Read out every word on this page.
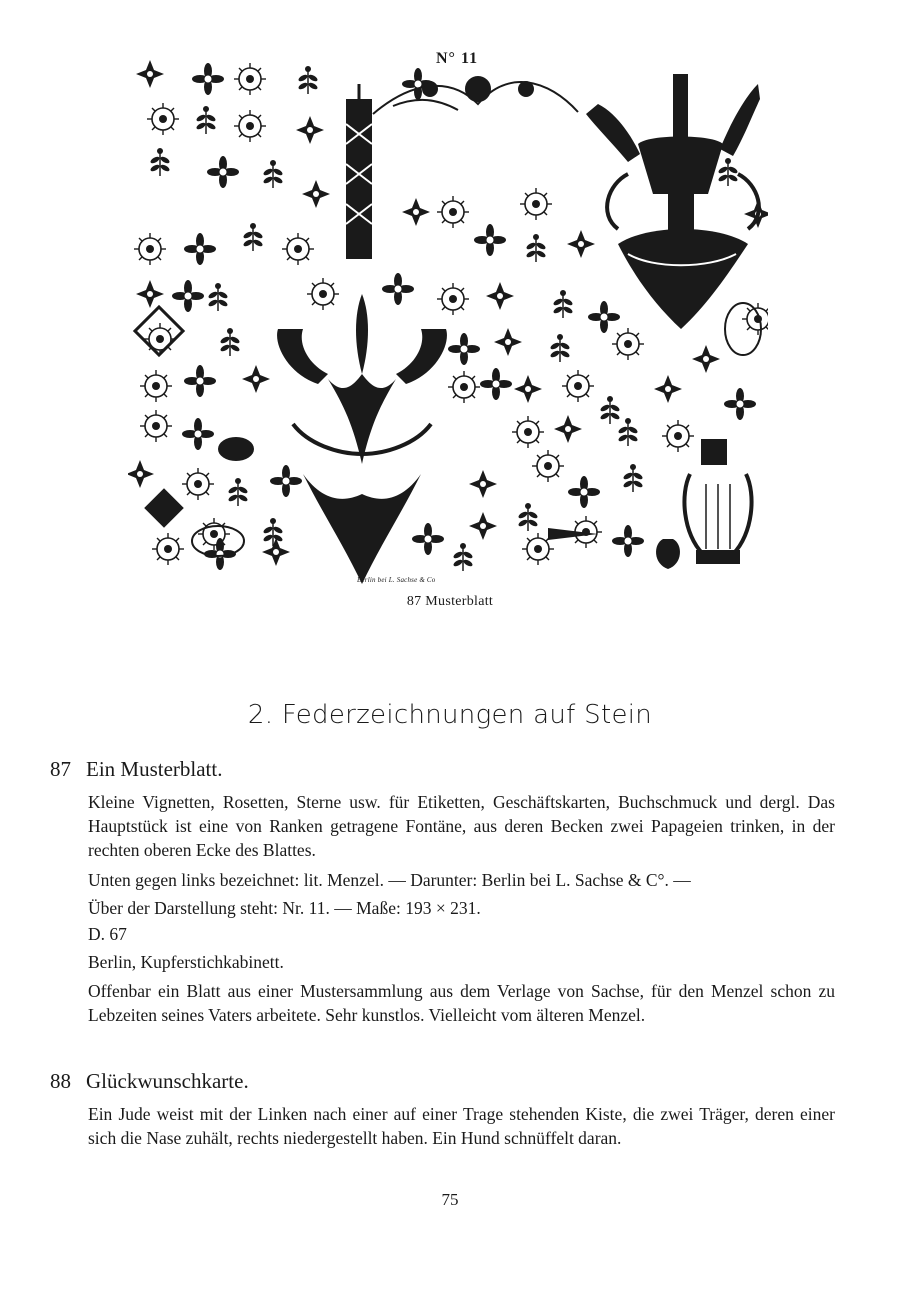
N° 11
Berlin bei L. Sachse & Co
87 Musterblatt
2. Federzeichnungen auf Stein
87 Ein Musterblatt.

Kleine Vignetten, Rosetten, Sterne usw. für Etiketten, Geschäftskarten, Buchschmuck und dergl. Das Hauptstück ist eine von Ranken getragene Fontäne, aus deren Becken zwei Papageien trinken, in der rechten oberen Ecke des Blattes.

Unten gegen links bezeichnet: lit. Menzel. — Darunter: Berlin bei L. Sachse & C°. —

Über der Darstellung steht: Nr. 11. — Maße: 193 × 231.

D. 67

Berlin, Kupferstichkabinett.

Offenbar ein Blatt aus einer Mustersammlung aus dem Verlage von Sachse, für den Menzel schon zu Lebzeiten seines Vaters arbeitete. Sehr kunstlos. Vielleicht vom älteren Menzel.

88 Glückwunschkarte.

Ein Jude weist mit der Linken nach einer auf einer Trage stehenden Kiste, die zwei Träger, deren einer sich die Nase zuhält, rechts niedergestellt haben. Ein Hund schnüffelt daran.

75
